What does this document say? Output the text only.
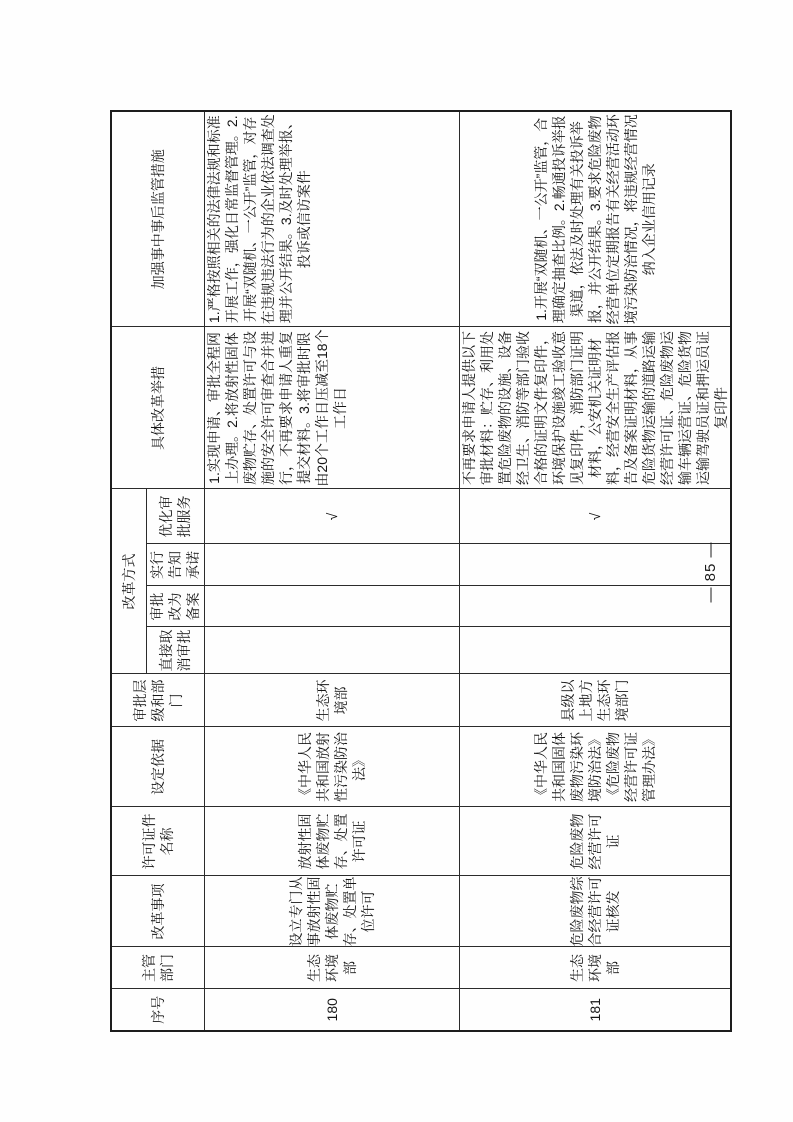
序号	主管部门	改革事项	许可证件名称	设定依据	审批层级和部门	改革方式				具体改革举措	加强事中事后监管措施
						直接取消审批	审批改为备案	实行告知承诺	优化审批服务		
180	生态环境部	设立专门从事放射性固体废物贮存、处置单位许可	放射性固体废物贮存、处置许可证	《中华人民共和国放射性污染防治法》	生态环境部				√	1.实现申请、审批全程网上办理。2.将放射性固体废物贮存、处置许可与设施的安全许可审查合并进行，不再要求申请人重复提交材料。3.将审批时限由20个工作日压减至18个工作日	1.严格按照相关的法律法规和标准开展工作，强化日常监督管理。2.开展“双随机、一公开”监管，对存在违规违法行为的企业依法调查处理并公开结果。3.及时处理举报、投诉或信访案件
181	生态环境部	危险废物综合经营许可证核发	危险废物经营许可证	《中华人民共和国固体废物污染环境防治法》《危险废物经营许可证管理办法》	县级以上地方生态环境部门				√	不再要求申请人提供以下审批材料：贮存、利用处置危险废物的设施、设备经卫生、消防等部门验收合格的证明文件复印件，环境保护设施竣工验收意见复印件，消防部门证明材料，公安机关证明材料，经营安全生产评估报告及备案证明材料，从事危险货物运输的道路运输经营许可证、危险废物运输车辆运营证、危险货物运输驾驶员证和押运员证复印件	1.开展“双随机、一公开”监管，合理确定抽查比例。2.畅通投诉举报渠道，依法及时处理有关投诉举报，并公开结果。3.要求危险废物经营单位定期报告有关经营活动环境污染防治情况，将违规经营情况纳入企业信用记录
— 85 —
